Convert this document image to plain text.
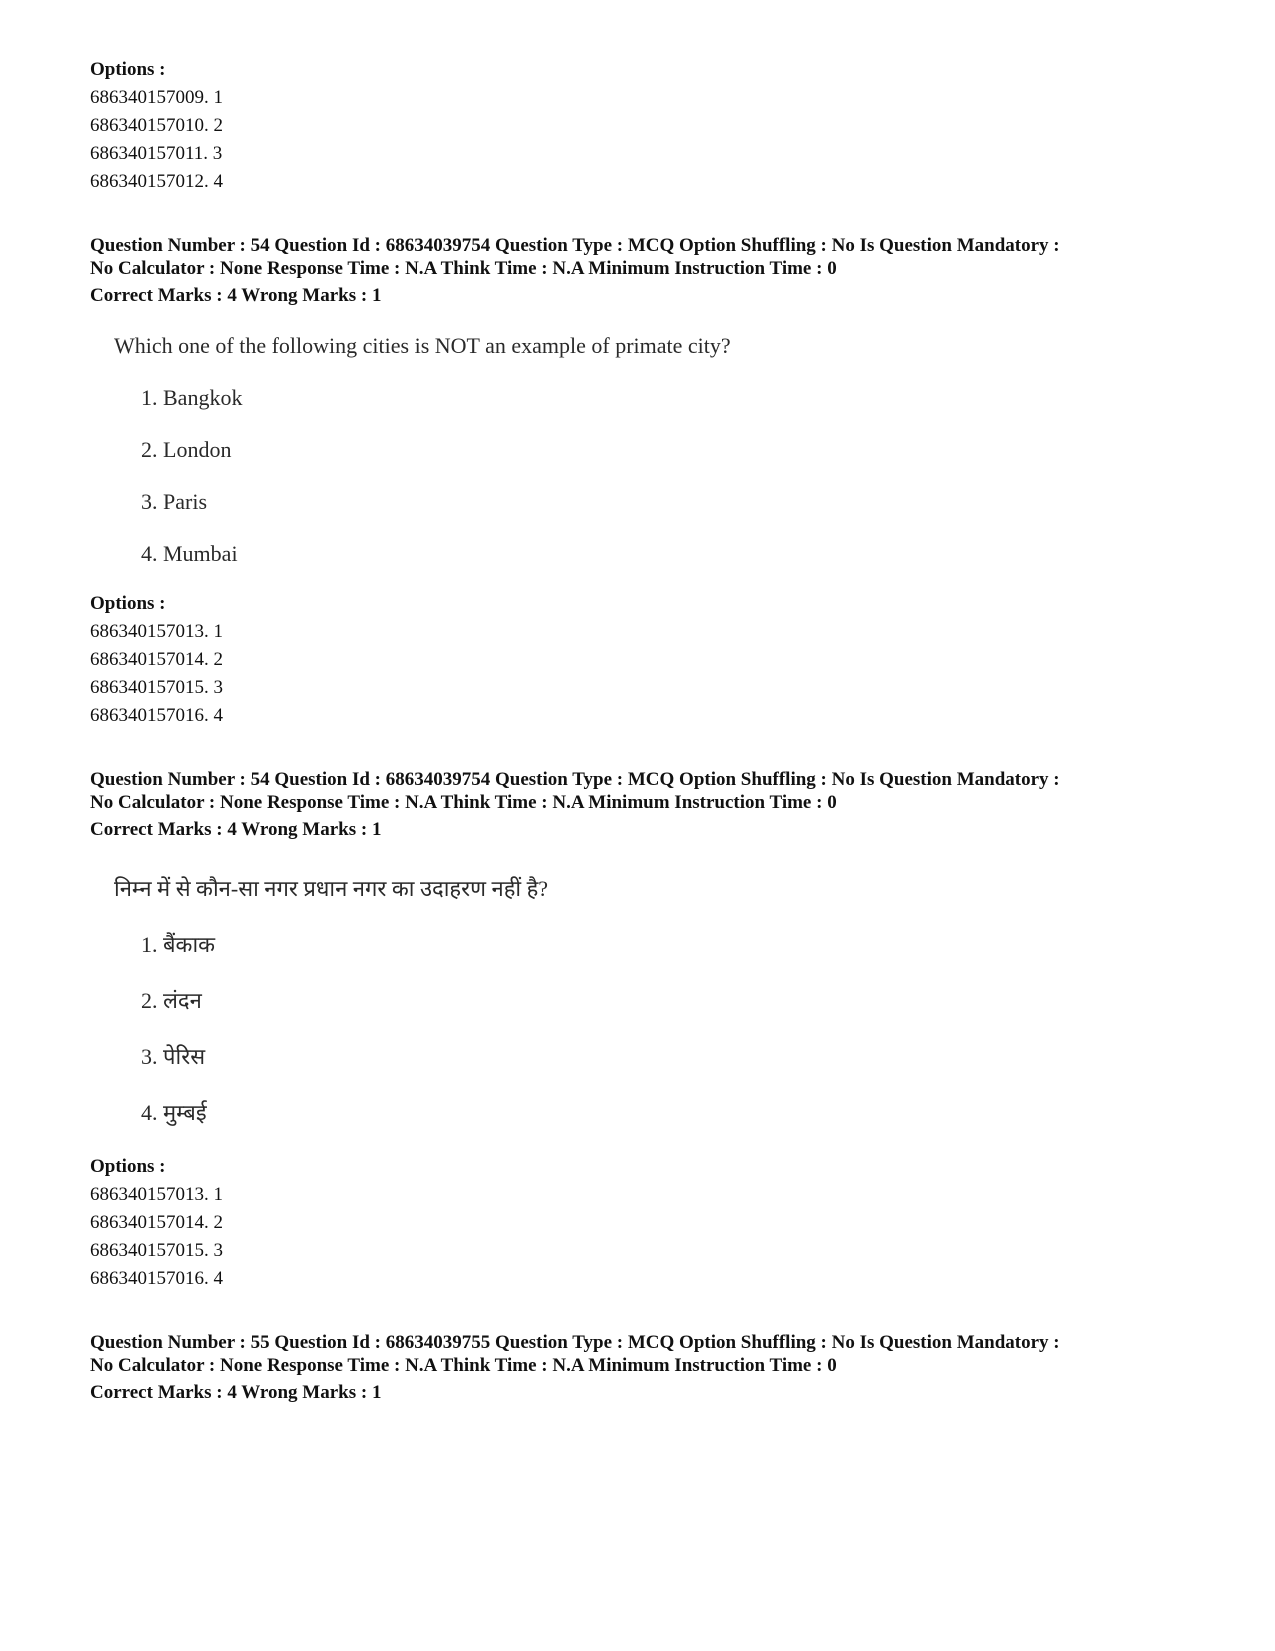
Options :
686340157009. 1
686340157010. 2
686340157011. 3
686340157012. 4
Question Number : 54 Question Id : 68634039754 Question Type : MCQ Option Shuffling : No Is Question Mandatory :
No Calculator : None Response Time : N.A Think Time : N.A Minimum Instruction Time : 0
Correct Marks : 4 Wrong Marks : 1
Which one of the following cities is NOT an example of primate city?
1. Bangkok
2. London
3. Paris
4. Mumbai
Options :
686340157013. 1
686340157014. 2
686340157015. 3
686340157016. 4
Question Number : 54 Question Id : 68634039754 Question Type : MCQ Option Shuffling : No Is Question Mandatory :
No Calculator : None Response Time : N.A Think Time : N.A Minimum Instruction Time : 0
Correct Marks : 4 Wrong Marks : 1
निम्न में से कौन-सा नगर प्रधान नगर का उदाहरण नहीं है?
1. बैंकाक
2. लंदन
3. पेरिस
4. मुम्बई
Options :
686340157013. 1
686340157014. 2
686340157015. 3
686340157016. 4
Question Number : 55 Question Id : 68634039755 Question Type : MCQ Option Shuffling : No Is Question Mandatory :
No Calculator : None Response Time : N.A Think Time : N.A Minimum Instruction Time : 0
Correct Marks : 4 Wrong Marks : 1
